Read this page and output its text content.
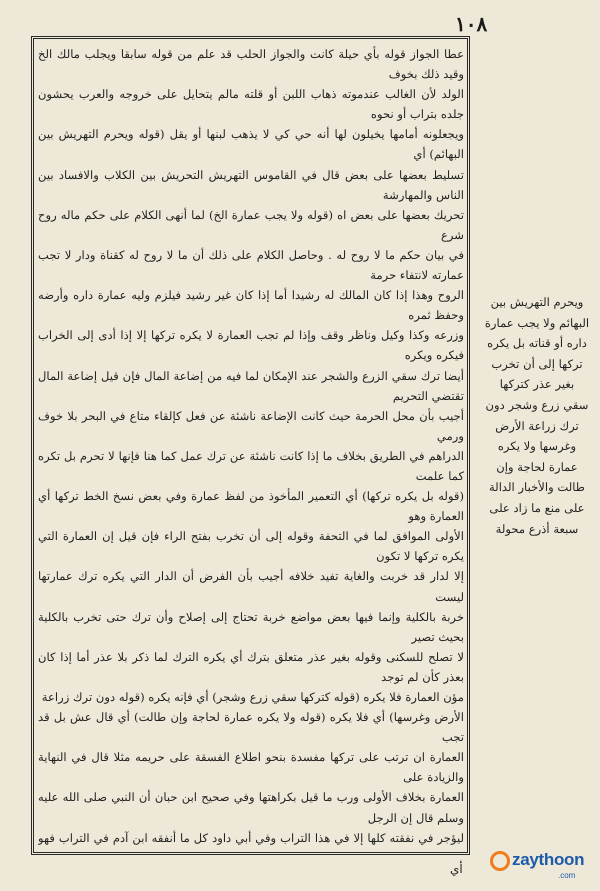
١٠٨

عطا الجواز قوله بأي حيلة كانت والجواز الحلب قد علم من قوله سابقا ويجلب مالك الخ وقيد ذلك بخوف

الولد لأن الغالب عندموته ذهاب اللبن أو قلته مالم يتحايل على خروجه والعرب يحشون جلده بتراب أو نحوه

ويجعلونه أمامها يخيلون لها أنه حي كي لا يذهب لبنها أو يقل (قوله ويحرم التهريش بين البهائم) أي

تسليط بعضها على بعض قال في القاموس التهريش التحريش بين الكلاب والافساد بين الناس والمهارشة

تحريك بعضها على بعض اه (قوله ولا يجب عمارة الخ) لما أنهى الكلام على حكم ماله روح شرع

في بيان حكم ما لا روح له . وحاصل الكلام على ذلك أن ما لا روح له كقناة ودار لا تجب عمارته لانتفاء حرمة

الروح وهذا إذا كان المالك له رشيدا أما إذا كان غير رشيد فيلزم وليه عمارة داره وأرضه وحفظ ثمره

وزرعه وكذا وكيل وناظر وقف وإذا لم تجب العمارة لا يكره تركها إلا إذا أدى إلى الخراب فيكره ويكره

أيضا ترك سقي الزرع والشجر عند الإمكان لما فيه من إضاعة المال فإن قيل إضاعة المال تقتضي التحريم

أجيب بأن محل الحرمة حيث كانت الإضاعة ناشئة عن فعل كإلقاء متاع في البحر بلا خوف ورمي

الدراهم في الطريق بخلاف ما إذا كانت ناشئة عن ترك عمل كما هنا فإنها لا تحرم بل تكره كما علمت

(قوله بل يكره تركها) أي التعمير المأخوذ من لفظ عمارة وفي بعض نسخ الخط تركها أي العمارة وهو

الأولى الموافق لما في التحفة وقوله إلى أن تخرب بفتح الراء فإن قيل إن العمارة التي يكره تركها لا تكون

إلا لدار قد خربت والغاية تفيد خلافه أجيب بأن الفرض أن الدار التي يكره ترك عمارتها ليست

خربة بالكلية وإنما فيها بعض مواضع خربة تحتاج إلى إصلاح وأن ترك حتى تخرب بالكلية بحيث تصير

لا تصلح للسكنى وقوله بغير عذر متعلق بترك أي يكره الترك لما ذكر بلا عذر أما إذا كان بعذر كأن لم توجد

مؤن العمارة فلا يكره (قوله كتركها سقي زرع وشجر) أي فإنه يكره (قوله دون ترك زراعة

الأرض وغرسها) أي فلا يكره (قوله ولا يكره عمارة لحاجة وإن طالت) أي قال عش بل قد تجب

العمارة ان ترتب على تركها مفسدة بنحو اطلاع الفسقة على حريمه مثلا قال في النهاية والزيادة على

العمارة بخلاف الأولى ورب ما قيل بكراهتها وفي صحيح ابن حبان أن النبي صلى الله عليه وسلم قال إن الرجل

ليؤجر في نفقته كلها إلا في هذا التراب وفي أبي داود كل ما أنفقه ابن آدم في التراب فهو

ويحرم التهريش بين
البهائم ولا يجب عمارة
داره أو قناته بل يكره
تركها إلى أن تخرب
بغير عذر كتركها
سقي زرع وشجر دون
ترك زراعة الأرض
وغرسها ولا يكره
عمارة لحاجة وإن
طالت والأخبار الدالة
على منع ما زاد على
سبعة أذرع محولة
أي	zaythoon
.com
